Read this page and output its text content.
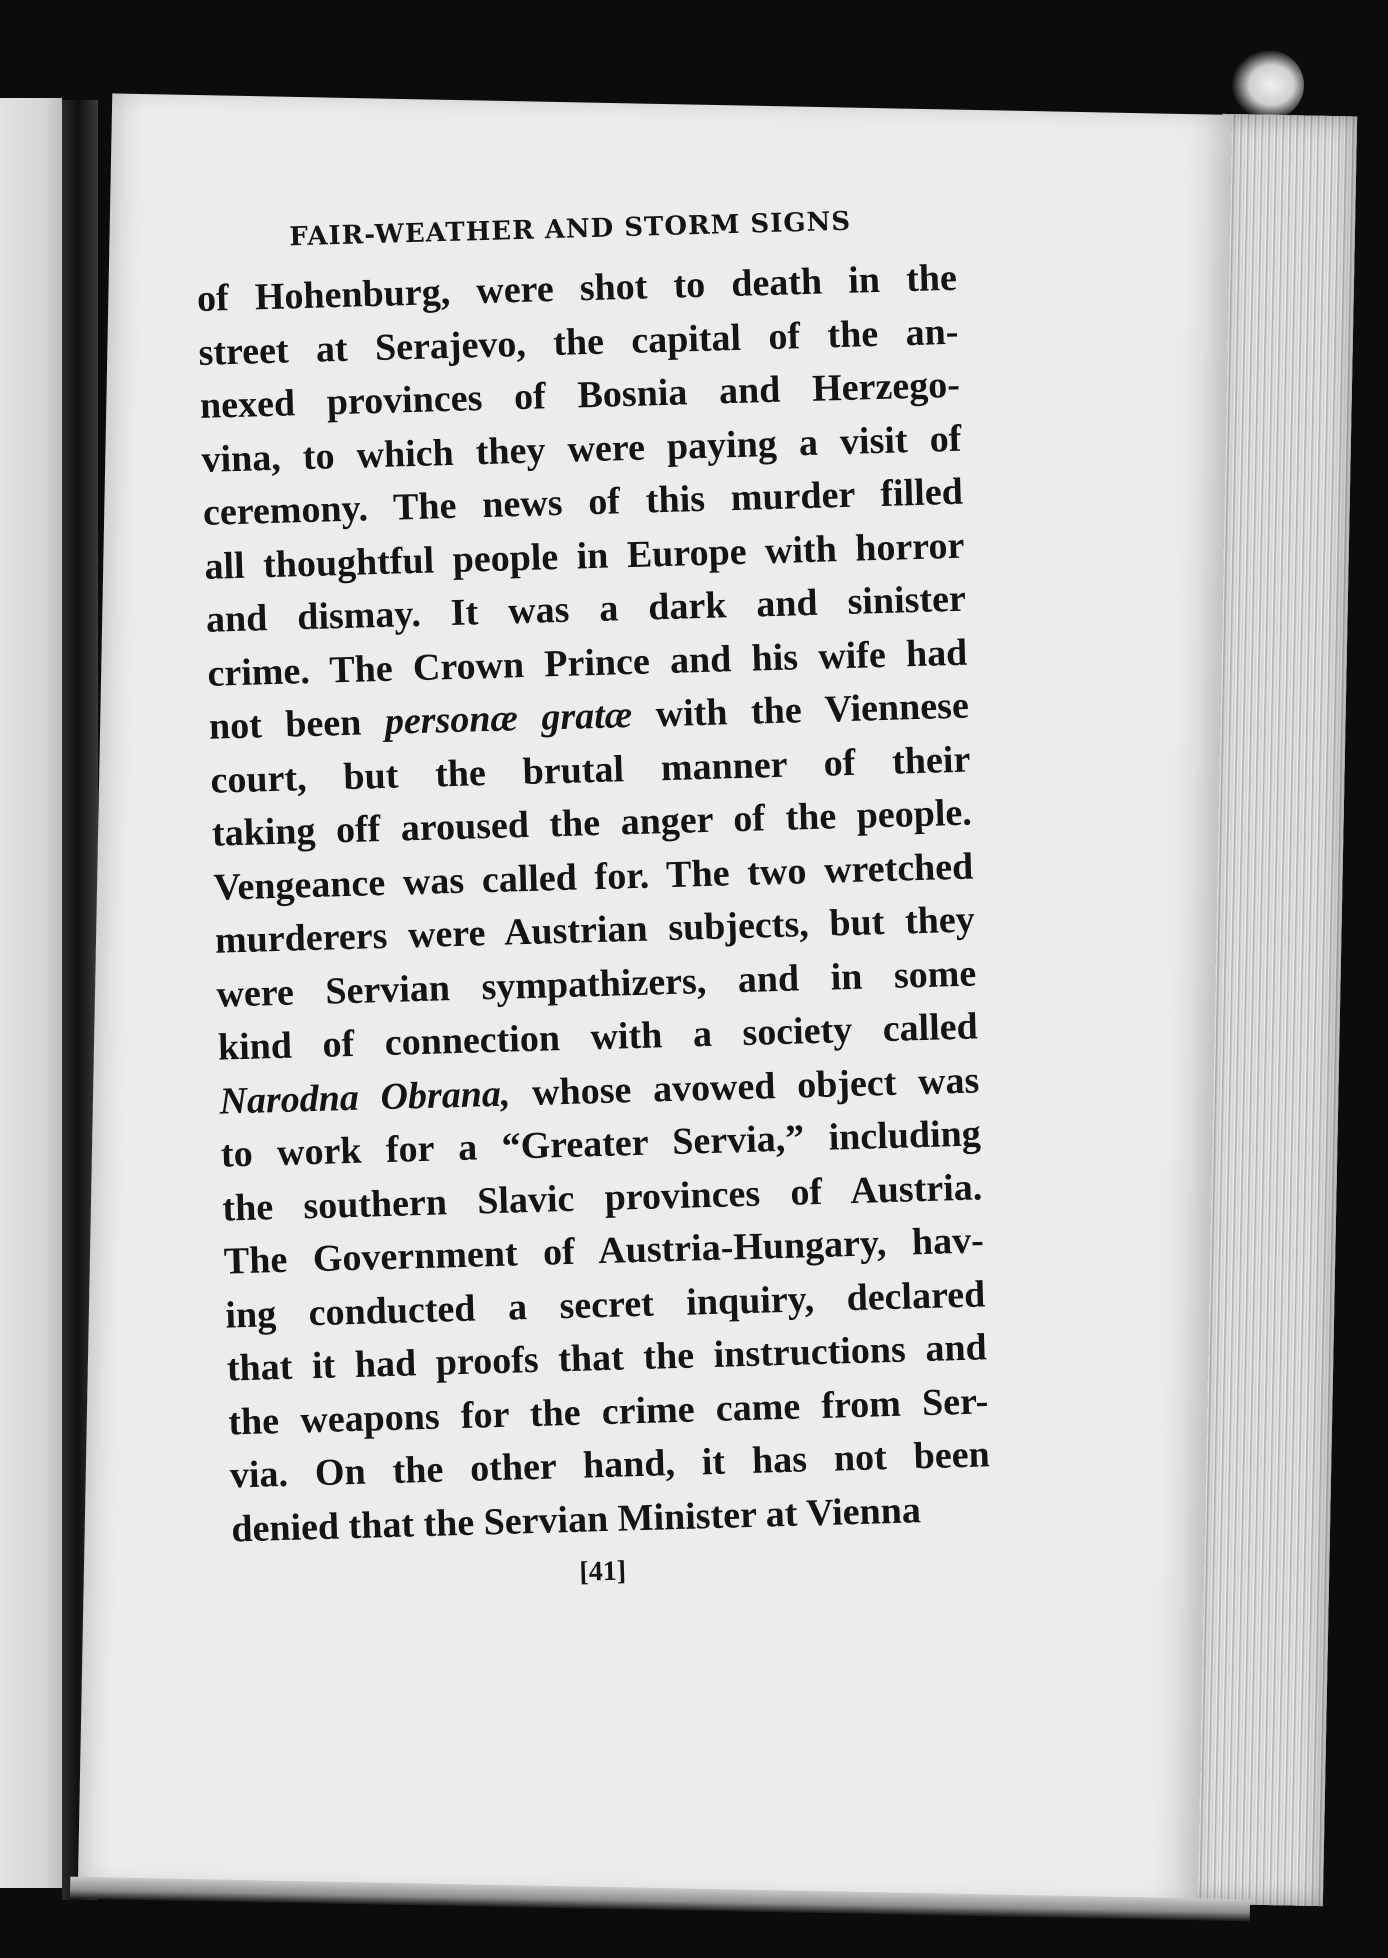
FAIR-WEATHER AND STORM SIGNS
of Hohenburg, were shot to death in the
street at Serajevo, the capital of the an-
nexed provinces of Bosnia and Herzego-
vina, to which they were paying a visit of
ceremony. The news of this murder filled
all thoughtful people in Europe with horror
and dismay. It was a dark and sinister
crime. The Crown Prince and his wife had
not been personæ gratæ with the Viennese
court, but the brutal manner of their
taking off aroused the anger of the people.
Vengeance was called for. The two wretched
murderers were Austrian subjects, but they
were Servian sympathizers, and in some
kind of connection with a society called
Narodna Obrana, whose avowed object was
to work for a “Greater Servia,” including
the southern Slavic provinces of Austria.
The Government of Austria-Hungary, hav-
ing conducted a secret inquiry, declared
that it had proofs that the instructions and
the weapons for the crime came from Ser-
via. On the other hand, it has not been
denied that the Servian Minister at Vienna
[41]
